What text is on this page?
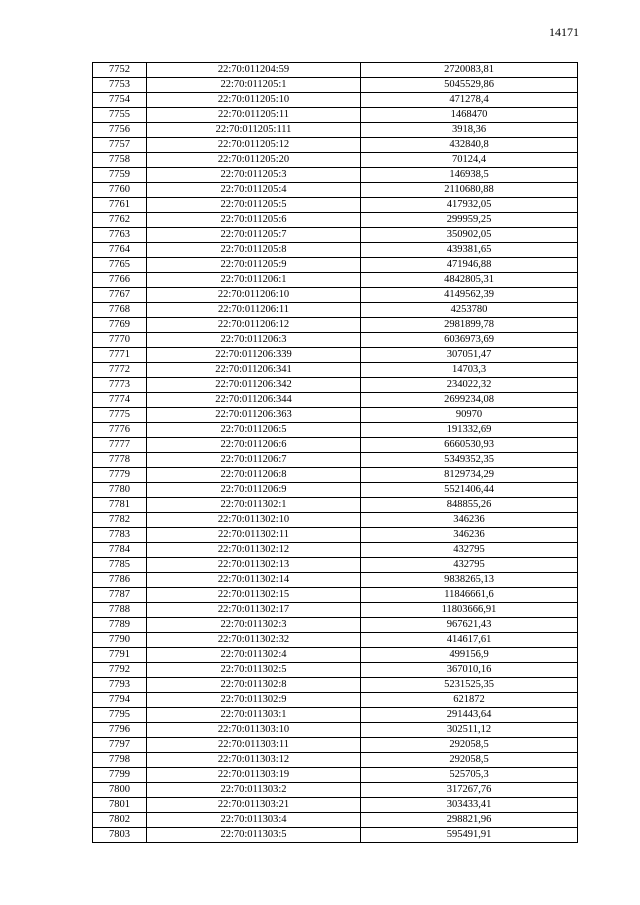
14171
7752	22:70:011204:59	2720083,81
7753	22:70:011205:1	5045529,86
7754	22:70:011205:10	471278,4
7755	22:70:011205:11	1468470
7756	22:70:011205:111	3918,36
7757	22:70:011205:12	432840,8
7758	22:70:011205:20	70124,4
7759	22:70:011205:3	146938,5
7760	22:70:011205:4	2110680,88
7761	22:70:011205:5	417932,05
7762	22:70:011205:6	299959,25
7763	22:70:011205:7	350902,05
7764	22:70:011205:8	439381,65
7765	22:70:011205:9	471946,88
7766	22:70:011206:1	4842805,31
7767	22:70:011206:10	4149562,39
7768	22:70:011206:11	4253780
7769	22:70:011206:12	2981899,78
7770	22:70:011206:3	6036973,69
7771	22:70:011206:339	307051,47
7772	22:70:011206:341	14703,3
7773	22:70:011206:342	234022,32
7774	22:70:011206:344	2699234,08
7775	22:70:011206:363	90970
7776	22:70:011206:5	191332,69
7777	22:70:011206:6	6660530,93
7778	22:70:011206:7	5349352,35
7779	22:70:011206:8	8129734,29
7780	22:70:011206:9	5521406,44
7781	22:70:011302:1	848855,26
7782	22:70:011302:10	346236
7783	22:70:011302:11	346236
7784	22:70:011302:12	432795
7785	22:70:011302:13	432795
7786	22:70:011302:14	9838265,13
7787	22:70:011302:15	11846661,6
7788	22:70:011302:17	11803666,91
7789	22:70:011302:3	967621,43
7790	22:70:011302:32	414617,61
7791	22:70:011302:4	499156,9
7792	22:70:011302:5	367010,16
7793	22:70:011302:8	5231525,35
7794	22:70:011302:9	621872
7795	22:70:011303:1	291443,64
7796	22:70:011303:10	302511,12
7797	22:70:011303:11	292058,5
7798	22:70:011303:12	292058,5
7799	22:70:011303:19	525705,3
7800	22:70:011303:2	317267,76
7801	22:70:011303:21	303433,41
7802	22:70:011303:4	298821,96
7803	22:70:011303:5	595491,91
